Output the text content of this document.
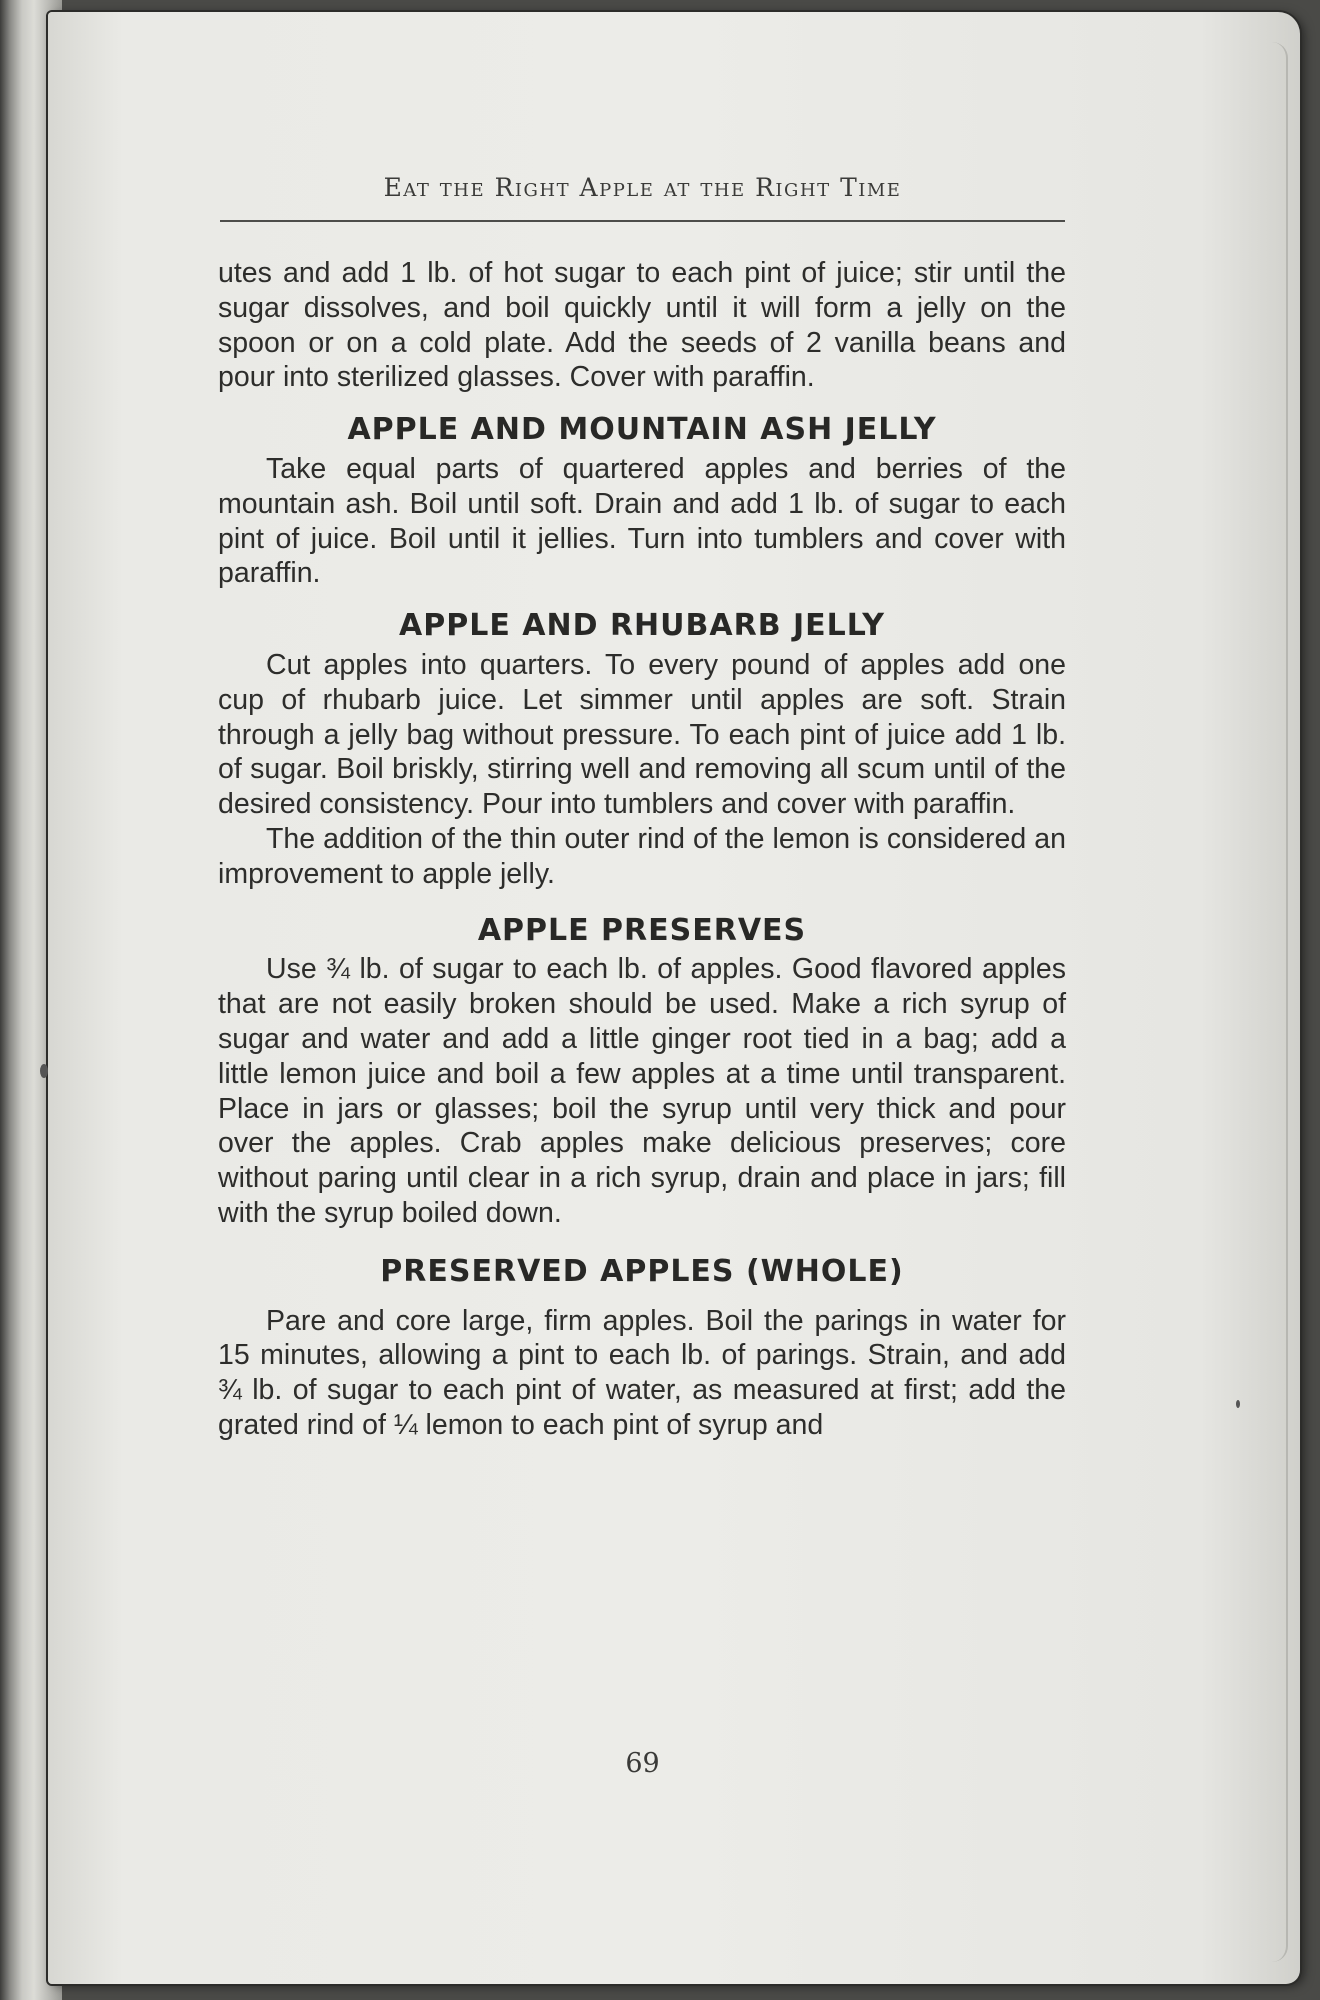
Eat the Right Apple at the Right Time

utes and add 1 lb. of hot sugar to each pint of juice; stir until the sugar dissolves, and boil quickly until it will form a jelly on the spoon or on a cold plate. Add the seeds of 2 vanilla beans and pour into sterilized glasses. Cover with paraffin.

APPLE AND MOUNTAIN ASH JELLY

Take equal parts of quartered apples and berries of the mountain ash. Boil until soft. Drain and add 1 lb. of sugar to each pint of juice. Boil until it jellies. Turn into tumblers and cover with paraffin.

APPLE AND RHUBARB JELLY

Cut apples into quarters. To every pound of apples add one cup of rhubarb juice. Let simmer until apples are soft. Strain through a jelly bag without pressure. To each pint of juice add 1 lb. of sugar. Boil briskly, stirring well and removing all scum until of the desired consistency. Pour into tumblers and cover with paraffin.

The addition of the thin outer rind of the lemon is considered an improvement to apple jelly.

APPLE PRESERVES

Use ¾ lb. of sugar to each lb. of apples. Good flavored apples that are not easily broken should be used. Make a rich syrup of sugar and water and add a little ginger root tied in a bag; add a little lemon juice and boil a few apples at a time until transparent. Place in jars or glasses; boil the syrup until very thick and pour over the apples. Crab apples make delicious preserves; core without paring until clear in a rich syrup, drain and place in jars; fill with the syrup boiled down.

PRESERVED APPLES (WHOLE)

Pare and core large, firm apples. Boil the parings in water for 15 minutes, allowing a pint to each lb. of parings. Strain, and add ¾ lb. of sugar to each pint of water, as measured at first; add the grated rind of ¼ lemon to each pint of syrup and

69
